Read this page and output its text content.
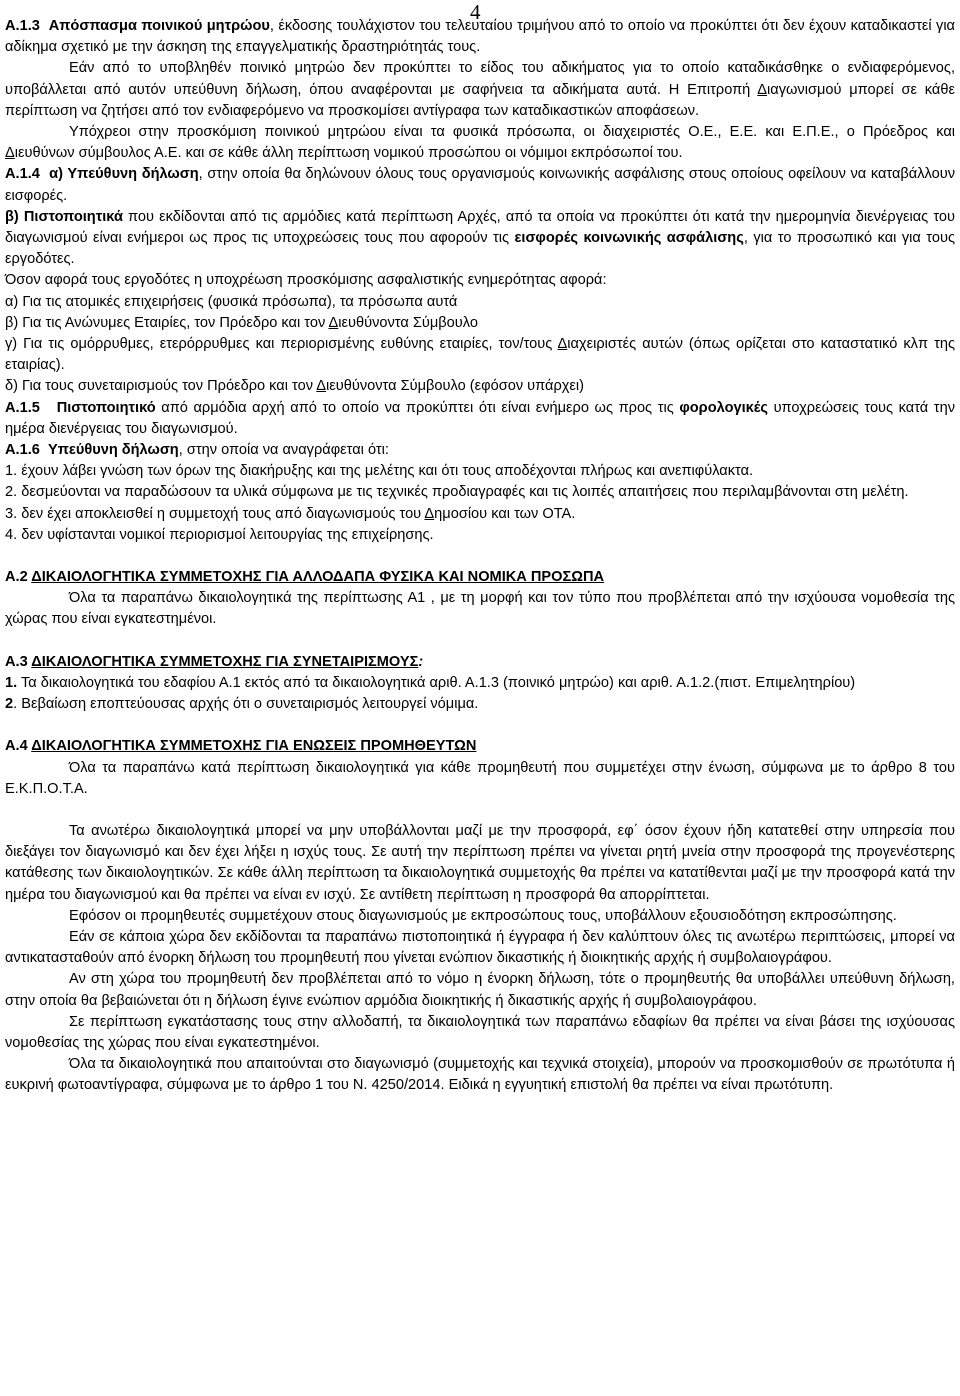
4

Α.1.3 Απόσπασμα ποινικού μητρώου, έκδοσης τουλάχιστον του τελευταίου τριμήνου από το οποίο να προκύπτει ότι δεν έχουν καταδικαστεί για αδίκημα σχετικό με την άσκηση της επαγγελματικής δραστηριότητάς τους.

Εάν από το υποβληθέν ποινικό μητρώο δεν προκύπτει το είδος του αδικήματος για το οποίο καταδικάσθηκε ο ενδιαφερόμενος, υποβάλλεται από αυτόν υπεύθυνη δήλωση, όπου αναφέρονται με σαφήνεια τα αδικήματα αυτά. Η Επιτροπή Διαγωνισμού μπορεί σε κάθε περίπτωση να ζητήσει από τον ενδιαφερόμενο να προσκομίσει αντίγραφα των καταδικαστικών αποφάσεων.

Υπόχρεοι στην προσκόμιση ποινικού μητρώου είναι τα φυσικά πρόσωπα, οι διαχειριστές Ο.Ε., Ε.Ε. και Ε.Π.Ε., ο Πρόεδρος και Διευθύνων σύμβουλος Α.Ε. και σε κάθε άλλη περίπτωση νομικού προσώπου οι νόμιμοι εκπρόσωποί του.

Α.1.4 α) Υπεύθυνη δήλωση, στην οποία θα δηλώνουν όλους τους οργανισμούς κοινωνικής ασφάλισης στους οποίους οφείλουν να καταβάλλουν εισφορές.

β) Πιστοποιητικά που εκδίδονται από τις αρμόδιες κατά περίπτωση Αρχές, από τα οποία να προκύπτει ότι κατά την ημερομηνία διενέργειας του διαγωνισμού είναι ενήμεροι ως προς τις υποχρεώσεις τους που αφορούν τις εισφορές κοινωνικής ασφάλισης, για το προσωπικό και για τους εργοδότες.

Όσον αφορά τους εργοδότες η υποχρέωση προσκόμισης ασφαλιστικής ενημερότητας αφορά:

α) Για τις ατομικές επιχειρήσεις (φυσικά πρόσωπα), τα πρόσωπα αυτά

β) Για τις Ανώνυμες Εταιρίες, τον Πρόεδρο και τον Διευθύνοντα Σύμβουλο

γ) Για τις ομόρρυθμες, ετερόρρυθμες και περιορισμένης ευθύνης εταιρίες, τον/τους Διαχειριστές αυτών (όπως ορίζεται στο καταστατικό κλπ της εταιρίας).

δ) Για τους συνεταιρισμούς τον Πρόεδρο και τον Διευθύνοντα Σύμβουλο (εφόσον υπάρχει)

Α.1.5 Πιστοποιητικό από αρμόδια αρχή από το οποίο να προκύπτει ότι είναι ενήμερο ως προς τις φορολογικές υποχρεώσεις τους κατά την ημέρα διενέργειας του διαγωνισμού.

Α.1.6 Υπεύθυνη δήλωση, στην οποία να αναγράφεται ότι:

1. έχουν λάβει γνώση των όρων της διακήρυξης και της μελέτης και ότι τους αποδέχονται πλήρως και ανεπιφύλακτα.

2. δεσμεύονται να παραδώσουν τα υλικά σύμφωνα με τις τεχνικές προδιαγραφές και τις λοιπές απαιτήσεις που περιλαμβάνονται στη μελέτη.

3. δεν έχει αποκλεισθεί η συμμετοχή τους από διαγωνισμούς του Δημοσίου και των ΟΤΑ.

4. δεν υφίστανται νομικοί περιορισμοί λειτουργίας της επιχείρησης.

Α.2 ΔΙΚΑΙΟΛΟΓΗΤΙΚΑ ΣΥΜΜΕΤΟΧΗΣ ΓΙΑ ΑΛΛΟΔΑΠΑ ΦΥΣΙΚΑ ΚΑΙ ΝΟΜΙΚΑ ΠΡΟΣΩΠΑ

Όλα τα παραπάνω δικαιολογητικά της περίπτωσης Α1 , με τη μορφή και τον τύπο που προβλέπεται από την ισχύουσα νομοθεσία της χώρας που είναι εγκατεστημένοι.

Α.3 ΔΙΚΑΙΟΛΟΓΗΤΙΚΑ ΣΥΜΜΕΤΟΧΗΣ ΓΙΑ ΣΥΝΕΤΑΙΡΙΣΜΟΥΣ:

1. Τα δικαιολογητικά του εδαφίου Α.1 εκτός από τα δικαιολογητικά αριθ. Α.1.3 (ποινικό μητρώο) και αριθ. Α.1.2.(πιστ. Επιμελητηρίου)

2. Βεβαίωση εποπτεύουσας αρχής ότι ο συνεταιρισμός λειτουργεί νόμιμα.

Α.4 ΔΙΚΑΙΟΛΟΓΗΤΙΚΑ ΣΥΜΜΕΤΟΧΗΣ ΓΙΑ ΕΝΩΣΕΙΣ ΠΡΟΜΗΘΕΥΤΩΝ

Όλα τα παραπάνω κατά περίπτωση δικαιολογητικά για κάθε προμηθευτή που συμμετέχει στην ένωση, σύμφωνα με το άρθρο 8 του Ε.Κ.Π.Ο.Τ.Α.

Τα ανωτέρω δικαιολογητικά μπορεί να μην υποβάλλονται μαζί με την προσφορά, εφ΄ όσον έχουν ήδη κατατεθεί στην υπηρεσία που διεξάγει τον διαγωνισμό και δεν έχει λήξει η ισχύς τους. Σε αυτή την περίπτωση πρέπει να γίνεται ρητή μνεία στην προσφορά της προγενέστερης κατάθεσης των δικαιολογητικών. Σε κάθε άλλη περίπτωση τα δικαιολογητικά συμμετοχής θα πρέπει να κατατίθενται μαζί με την προσφορά κατά την ημέρα του διαγωνισμού και θα πρέπει να είναι εν ισχύ. Σε αντίθετη περίπτωση η προσφορά θα απορρίπτεται.

Εφόσον οι προμηθευτές συμμετέχουν στους διαγωνισμούς με εκπροσώπους τους, υποβάλλουν εξουσιοδότηση εκπροσώπησης.

Εάν σε κάποια χώρα δεν εκδίδονται τα παραπάνω πιστοποιητικά ή έγγραφα ή δεν καλύπτουν όλες τις ανωτέρω περιπτώσεις, μπορεί να αντικατασταθούν από ένορκη δήλωση του προμηθευτή που γίνεται ενώπιον δικαστικής ή διοικητικής αρχής ή συμβολαιογράφου.

Αν στη χώρα του προμηθευτή δεν προβλέπεται από το νόμο η ένορκη δήλωση, τότε ο προμηθευτής θα υποβάλλει υπεύθυνη δήλωση, στην οποία θα βεβαιώνεται ότι η δήλωση έγινε ενώπιον αρμόδια διοικητικής ή δικαστικής αρχής ή συμβολαιογράφου.

Σε περίπτωση εγκατάστασης τους στην αλλοδαπή, τα δικαιολογητικά των παραπάνω εδαφίων θα πρέπει να είναι βάσει της ισχύουσας νομοθεσίας της χώρας που είναι εγκατεστημένοι.

Όλα τα δικαιολογητικά που απαιτούνται στο διαγωνισμό (συμμετοχής και τεχνικά στοιχεία), μπορούν να προσκομισθούν σε πρωτότυπα ή ευκρινή φωτοαντίγραφα, σύμφωνα με το άρθρο 1 του Ν. 4250/2014. Ειδικά η εγγυητική επιστολή θα πρέπει να είναι πρωτότυπη.
